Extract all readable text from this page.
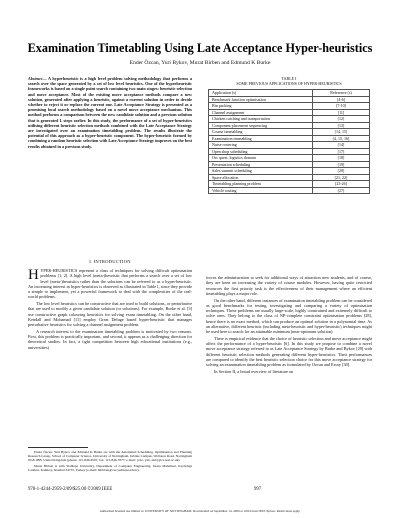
Examination Timetabling Using Late Acceptance Hyper-heuristics
Ender Özcan, Yuri Bykov, Murat Birben and Edmund K Burke
Abstract— A hyperheuristic is a high level problem solving methodology that performs a search over the space generated by a set of low level heuristics. One of the hyperheuristic frameworks is based on a single point search containing two main stages: heuristic selection and move acceptance. Most of the existing move acceptance methods compare a new solution, generated after applying a heuristic, against a current solution in order to decide whether to reject it or replace the current one. Late Acceptance Strategy is presented as a promising local search methodology based on a novel move acceptance mechanism. This method performs a comparison between the new candidate solution and a previous solution that is generated L steps earlier. In this study, the performance of a set of hyper-heuristics utilising different heuristic selection methods combined with the Late Acceptance Strategy are investigated over an examination timetabling problem. The results illustrate the potential of this approach as a hyper-heuristic component. The hyper-heuristic formed by combining a random heuristic selection with Late Acceptance Strategy improves on the best results obtained in a previous study.
I. INTRODUCTION

HYPER-HEURISTICS represent a class of techniques for solving difficult optimisation problems [1, 2]. A high level (meta-)heuristic that performs a search over a set of low level (meta-)heuristics rather than the solutions can be referred to as a hyper-heuristic. An increasing interest in hyper-heuristics is observed as illustrated in Table I, since they provide a simple to implement, yet a powerful framework to deal with the complexities of the real-world problems.

The low level heuristics can be constructive that are used to build solutions, or perturbative that are used to modify a given candidate solution (or solutions). For example, Burke et al. [3] use constructive graph colouring heuristics for solving exam timetabling. On the other hand, Kendall and Mohamad [11] employ Great Deluge based hyper-heuristic that manages perturbative heuristics for solving a channel assignment problem.

A research interest to the examination timetabling problem is motivated by two reasons. First, this problem is practically important, and second, it appears as a challenging direction for theoretical studies. In fact, a tight competition between high educational institutions (e.g., universities)

Ender Özcan, Yuri Bykov and Edmund K Burke are with the Automated Scheduling, Optimisation and Planning Research Group, School of Computer Science, University of Nottingham, Jubilee Campus, Wollaton Road, Nottingham NG8 1BB, United Kingdom (phone: 115-846-6591; fax: 115-846-7877; e-mail: {exo, yxb, ekb}@cs.nott.ac.uk).

Murat Birben is with Yeditepe University, Department of Computer Engineering, Inonu Mahallesi, Kayisdagi Caddesi, Kadikoy, Istanbul 34755, Turkey (e-mail: mbirben@cse.yeditepe.edu.tr).

TABLE I
SOME PREVIOUS APPLICATIONS OF HYPER-HEURISTICS
Application (s)	Reference (s)
Benchmark function optimisation	[4-6]
Bin packing	[7-10]
Channel assignment	[11]
Chicken catching and transportation	[12]
Component placement sequencing	[13]
Course timetabling	[14, 15]
Examination timetabling	[4, 15, 16]
Nurse rostering	[14]
Open shop scheduling	[17]
Orc quest, logistics domain	[18]
Presentation scheduling	[19]
Sales summit scheduling	[20]
Space allocation	[21, 22]
Timetabling planning problem	[23-26]
Vehicle routing	[27]

forces the administration to seek for additional ways of attraction new students, and of course, they are keen on increasing the variety of course modules. However, having quite restricted resources the first priority task is the effectiveness of their management where an efficient timetabling plays a major role.

On the other hand, different instances of examination timetabling problem can be considered as good benchmarks for testing, investigating and comparing a variety of optimisation techniques. These problems are usually large-scale, highly constrained and extremely difficult to solve ones. They belong to the class of NP-complete constraint optimisation problems [28], hence there is no exact method, which can produce an optimal solution in a polynomial time. As an alternative, different heuristic (including meta-heuristic and hyper-heuristic) techniques might be used here to search for an attainable minimum (near-optimum solution).

There is empirical evidence that the choice of heuristic selection and move acceptance might affect the performance of a hyper-heuristic [6]. In this study we propose to combine a novel move acceptance strategy referred to as Late Acceptance Strategy by Burke and Bykov [29] with different heuristic selection methods generating different hyper-heuristics. Their performances are compared to identify the best heuristic selection choice for this move acceptance strategy for solving an examination timetabling problem as formulated by Ozcan and Ersoy [30].

In Section II, a broad overview of literature on

978-1-4244-2959-2/09/$25.00 ©2009 IEEE	997
Authorized licensed use limited to: UNIVERSITY OF NOTTINGHAM. Downloaded on September 14, 2009 at 10:04 from IEEE Xplore. Restrictions apply.
